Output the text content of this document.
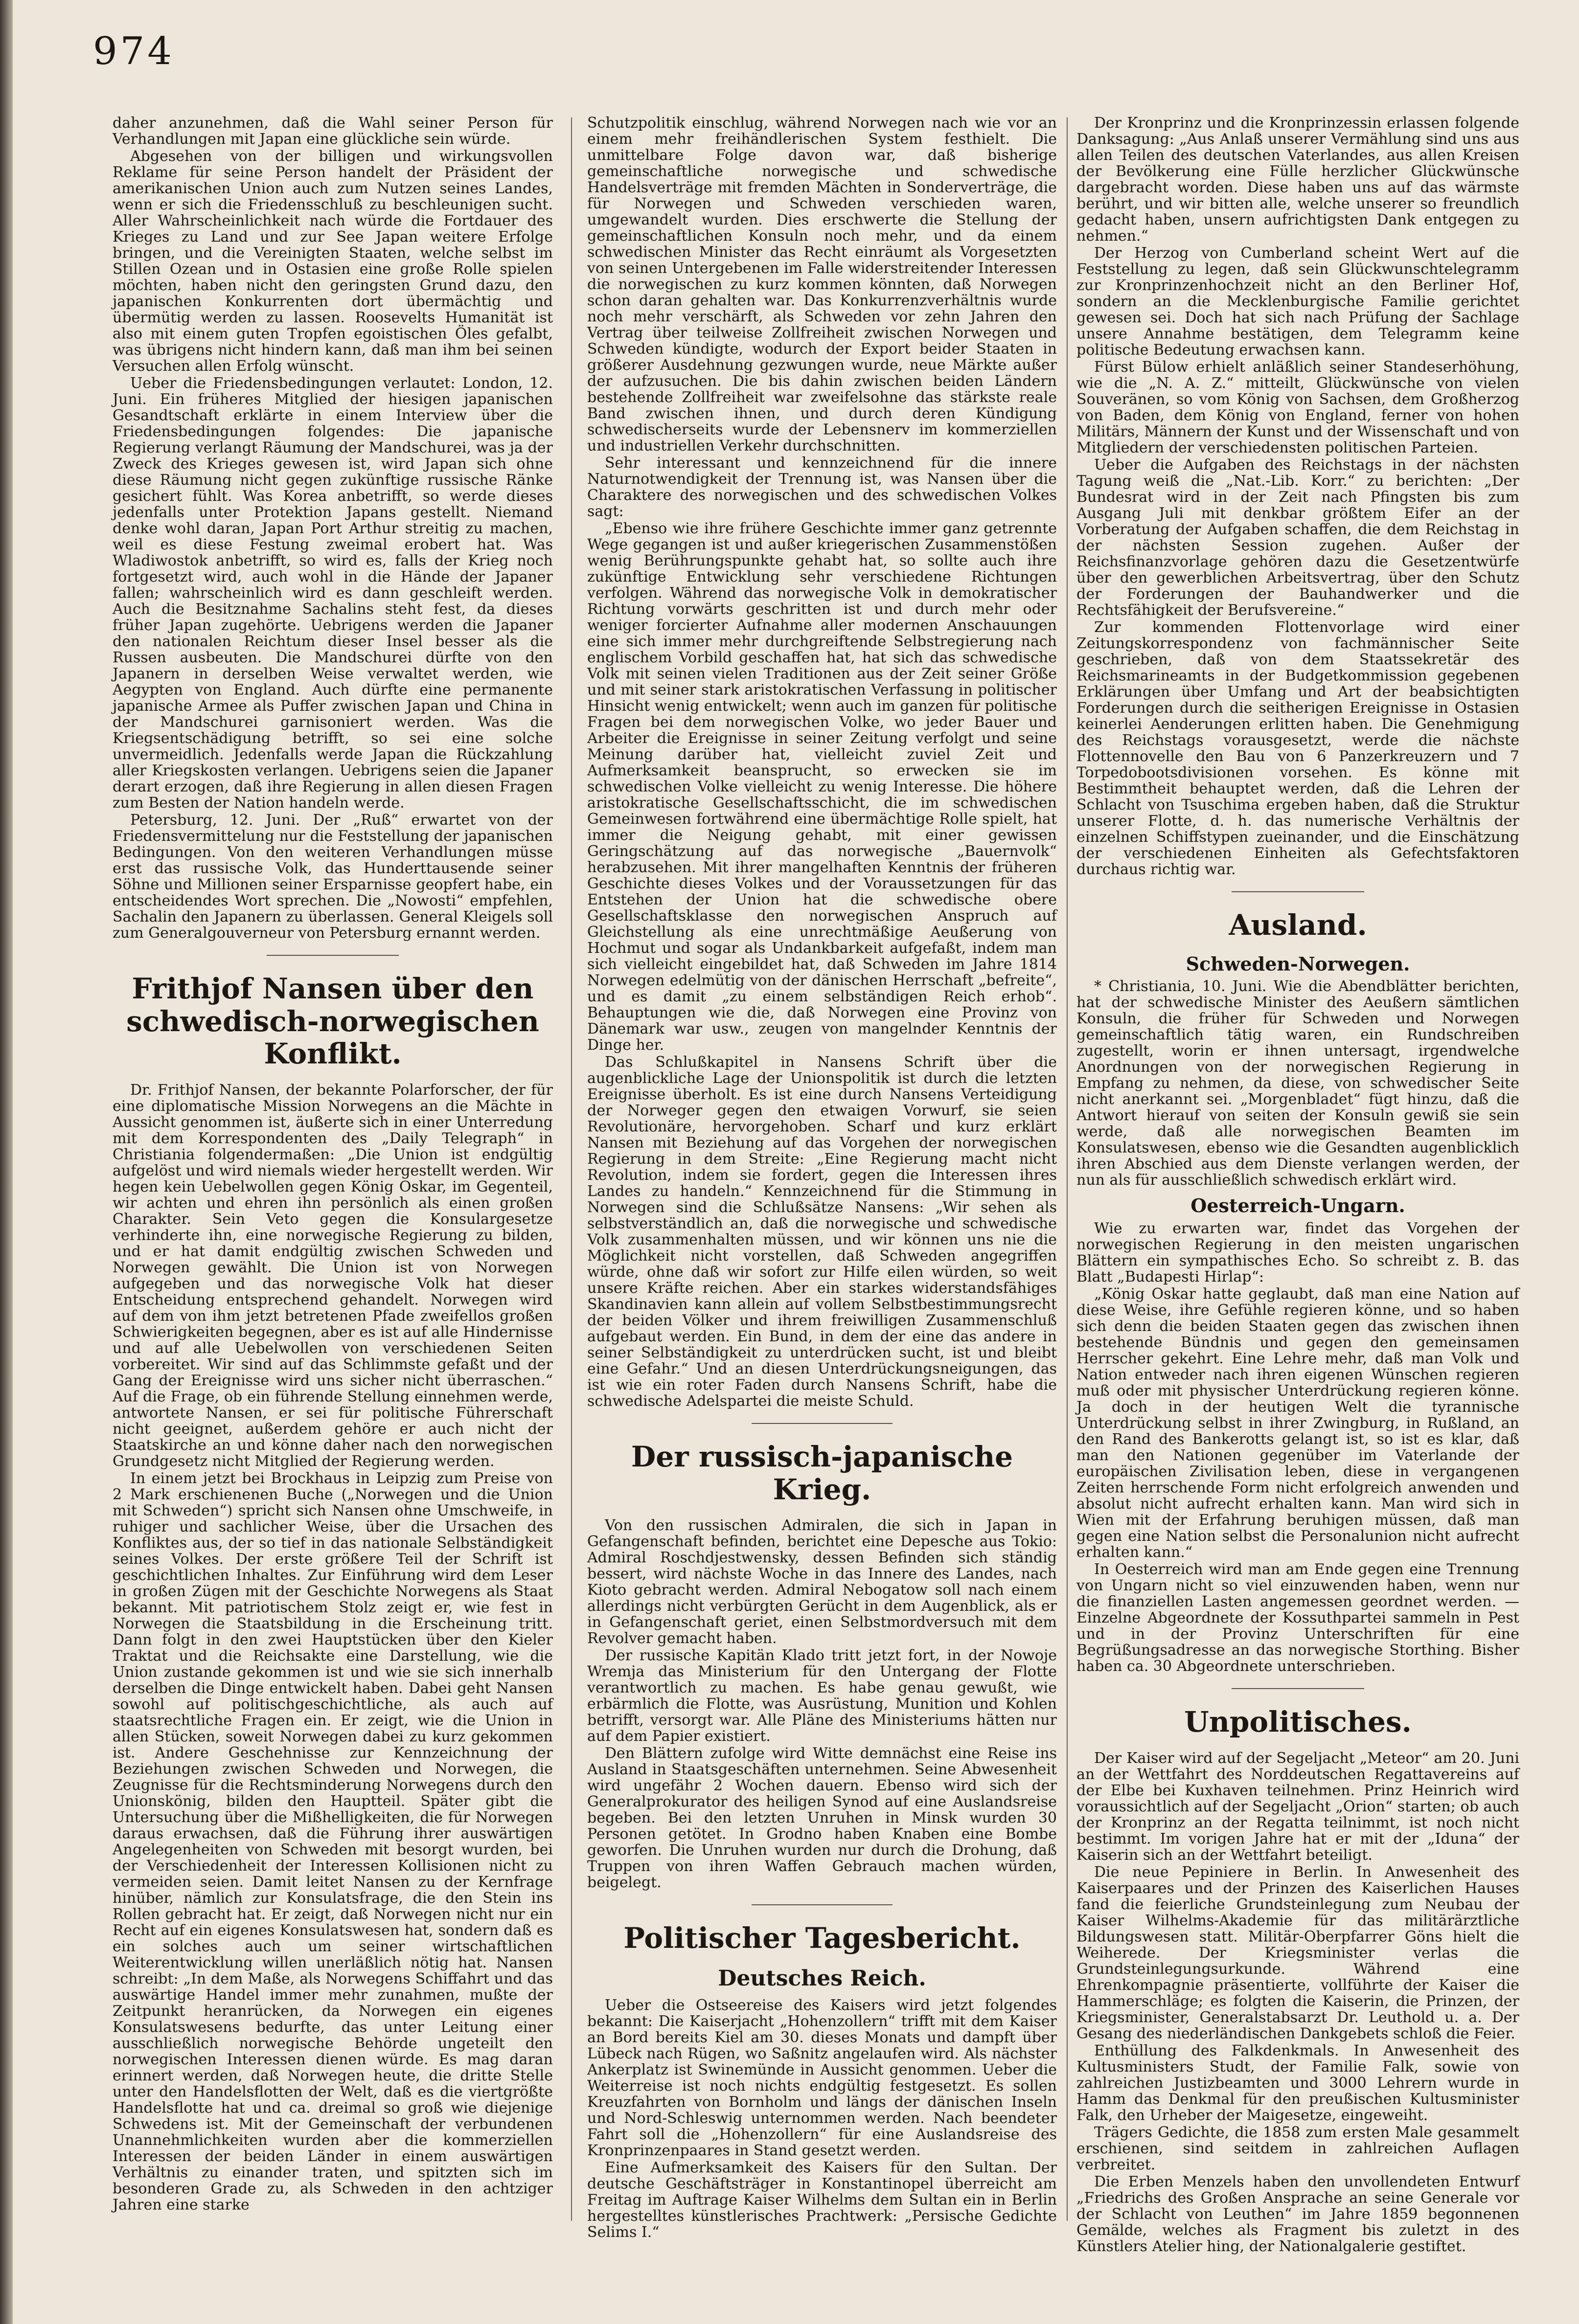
974

daher anzunehmen, daß die Wahl seiner Person für Verhandlungen mit Japan eine glückliche sein würde.

Abgesehen von der billigen und wirkungsvollen Reklame für seine Person handelt der Präsident der amerikanischen Union auch zum Nutzen seines Landes, wenn er sich die Friedensschluß zu beschleunigen sucht. Aller Wahrscheinlichkeit nach würde die Fortdauer des Krieges zu Land und zur See Japan weitere Erfolge bringen, und die Vereinigten Staaten, welche selbst im Stillen Ozean und in Ostasien eine große Rolle spielen möchten, haben nicht den geringsten Grund dazu, den japanischen Konkurrenten dort übermächtig und übermütig werden zu lassen. Roosevelts Humanität ist also mit einem guten Tropfen egoistischen Öles gefalbt, was übrigens nicht hindern kann, daß man ihm bei seinen Versuchen allen Erfolg wünscht.

Ueber die Friedensbedingungen verlautet: London, 12. Juni. Ein früheres Mitglied der hiesigen japanischen Gesandtschaft erklärte in einem Interview über die Friedensbedingungen folgendes: Die japanische Regierung verlangt Räumung der Mandschurei, was ja der Zweck des Krieges gewesen ist, wird Japan sich ohne diese Räumung nicht gegen zukünftige russische Ränke gesichert fühlt. Was Korea anbetrifft, so werde dieses jedenfalls unter Protektion Japans gestellt. Niemand denke wohl daran, Japan Port Arthur streitig zu machen, weil es diese Festung zweimal erobert hat. Was Wladiwostok anbetrifft, so wird es, falls der Krieg noch fortgesetzt wird, auch wohl in die Hände der Japaner fallen; wahrscheinlich wird es dann geschleift werden. Auch die Besitznahme Sachalins steht fest, da dieses früher Japan zugehörte. Uebrigens werden die Japaner den nationalen Reichtum dieser Insel besser als die Russen ausbeuten. Die Mandschurei dürfte von den Japanern in derselben Weise verwaltet werden, wie Aegypten von England. Auch dürfte eine permanente japanische Armee als Puffer zwischen Japan und China in der Mandschurei garnisoniert werden. Was die Kriegsentschädigung betrifft, so sei eine solche unvermeidlich. Jedenfalls werde Japan die Rückzahlung aller Kriegskosten verlangen. Uebrigens seien die Japaner derart erzogen, daß ihre Regierung in allen diesen Fragen zum Besten der Nation handeln werde.

Petersburg, 12. Juni. Der „Ruß“ erwartet von der Friedensvermittelung nur die Feststellung der japanischen Bedingungen. Von den weiteren Verhandlungen müsse erst das russische Volk, das Hunderttausende seiner Söhne und Millionen seiner Ersparnisse geopfert habe, ein entscheidendes Wort sprechen. Die „Nowosti“ empfehlen, Sachalin den Japanern zu überlassen. General Kleigels soll zum Generalgouverneur von Petersburg ernannt werden.

Frithjof Nansen über den schwedisch-norwegischen Konflikt.

Dr. Frithjof Nansen, der bekannte Polarforscher, der für eine diplomatische Mission Norwegens an die Mächte in Aussicht genommen ist, äußerte sich in einer Unterredung mit dem Korrespondenten des „Daily Telegraph“ in Christiania folgendermaßen: „Die Union ist endgültig aufgelöst und wird niemals wieder hergestellt werden. Wir hegen kein Uebelwollen gegen König Oskar, im Gegenteil, wir achten und ehren ihn persönlich als einen großen Charakter. Sein Veto gegen die Konsulargesetze verhinderte ihn, eine norwegische Regierung zu bilden, und er hat damit endgültig zwischen Schweden und Norwegen gewählt. Die Union ist von Norwegen aufgegeben und das norwegische Volk hat dieser Entscheidung entsprechend gehandelt. Norwegen wird auf dem von ihm jetzt betretenen Pfade zweifellos großen Schwierigkeiten begegnen, aber es ist auf alle Hindernisse und auf alle Uebelwollen von verschiedenen Seiten vorbereitet. Wir sind auf das Schlimmste gefaßt und der Gang der Ereignisse wird uns sicher nicht überraschen.“ Auf die Frage, ob ein führende Stellung einnehmen werde, antwortete Nansen, er sei für politische Führerschaft nicht geeignet, außerdem gehöre er auch nicht der Staatskirche an und könne daher nach den norwegischen Grundgesetz nicht Mitglied der Regierung werden.

In einem jetzt bei Brockhaus in Leipzig zum Preise von 2 Mark erschienenen Buche („Norwegen und die Union mit Schweden“) spricht sich Nansen ohne Umschweife, in ruhiger und sachlicher Weise, über die Ursachen des Konfliktes aus, der so tief in das nationale Selbständigkeit seines Volkes. Der erste größere Teil der Schrift ist geschichtlichen Inhaltes. Zur Einführung wird dem Leser in großen Zügen mit der Geschichte Norwegens als Staat bekannt. Mit patriotischem Stolz zeigt er, wie fest in Norwegen die Staatsbildung in die Erscheinung tritt. Dann folgt in den zwei Hauptstücken über den Kieler Traktat und die Reichsakte eine Darstellung, wie die Union zustande gekommen ist und wie sie sich innerhalb derselben die Dinge entwickelt haben. Dabei geht Nansen sowohl auf politischgeschichtliche, als auch auf staatsrechtliche Fragen ein. Er zeigt, wie die Union in allen Stücken, soweit Norwegen dabei zu kurz gekommen ist. Andere Geschehnisse zur Kennzeichnung der Beziehungen zwischen Schweden und Norwegen, die Zeugnisse für die Rechtsminderung Norwegens durch den Unionskönig, bilden den Hauptteil. Später gibt die Untersuchung über die Mißhelligkeiten, die für Norwegen daraus erwachsen, daß die Führung ihrer auswärtigen Angelegenheiten von Schweden mit besorgt wurden, bei der Verschiedenheit der Interessen Kollisionen nicht zu vermeiden seien. Damit leitet Nansen zu der Kernfrage hinüber, nämlich zur Konsulatsfrage, die den Stein ins Rollen gebracht hat. Er zeigt, daß Norwegen nicht nur ein Recht auf ein eigenes Konsulatswesen hat, sondern daß es ein solches auch um seiner wirtschaftlichen Weiterentwicklung willen unerläßlich nötig hat. Nansen schreibt: „In dem Maße, als Norwegens Schiffahrt und das auswärtige Handel immer mehr zunahmen, mußte der Zeitpunkt heranrücken, da Norwegen ein eigenes Konsulatswesens bedurfte, das unter Leitung einer ausschließlich norwegische Behörde ungeteilt den norwegischen Interessen dienen würde. Es mag daran erinnert werden, daß Norwegen heute, die dritte Stelle unter den Handelsflotten der Welt, daß es die viertgrößte Handelsflotte hat und ca. dreimal so groß wie diejenige Schwedens ist. Mit der Gemeinschaft der verbundenen Unannehmlichkeiten wurden aber die kommerziellen Interessen der beiden Länder in einem auswärtigen Verhältnis zu einander traten, und spitzten sich im besonderen Grade zu, als Schweden in den achtziger Jahren eine starke

Schutzpolitik einschlug, während Norwegen nach wie vor an einem mehr freihändlerischen System festhielt. Die unmittelbare Folge davon war, daß bisherige gemeinschaftliche norwegische und schwedische Handelsverträge mit fremden Mächten in Sonderverträge, die für Norwegen und Schweden verschieden waren, umgewandelt wurden. Dies erschwerte die Stellung der gemeinschaftlichen Konsuln noch mehr, und da einem schwedischen Minister das Recht einräumt als Vorgesetzten von seinen Untergebenen im Falle widerstreitender Interessen die norwegischen zu kurz kommen könnten, daß Norwegen schon daran gehalten war. Das Konkurrenzverhältnis wurde noch mehr verschärft, als Schweden vor zehn Jahren den Vertrag über teilweise Zollfreiheit zwischen Norwegen und Schweden kündigte, wodurch der Export beider Staaten in größerer Ausdehnung gezwungen wurde, neue Märkte außer der aufzusuchen. Die bis dahin zwischen beiden Ländern bestehende Zollfreiheit war zweifelsohne das stärkste reale Band zwischen ihnen, und durch deren Kündigung schwedischerseits wurde der Lebensnerv im kommerziellen und industriellen Verkehr durchschnitten.

Sehr interessant und kennzeichnend für die innere Naturnotwendigkeit der Trennung ist, was Nansen über die Charaktere des norwegischen und des schwedischen Volkes sagt:

„Ebenso wie ihre frühere Geschichte immer ganz getrennte Wege gegangen ist und außer kriegerischen Zusammenstößen wenig Berührungspunkte gehabt hat, so sollte auch ihre zukünftige Entwicklung sehr verschiedene Richtungen verfolgen. Während das norwegische Volk in demokratischer Richtung vorwärts geschritten ist und durch mehr oder weniger forcierter Aufnahme aller modernen Anschauungen eine sich immer mehr durchgreiftende Selbstregierung nach englischem Vorbild geschaffen hat, hat sich das schwedische Volk mit seinen vielen Traditionen aus der Zeit seiner Größe und mit seiner stark aristokratischen Verfassung in politischer Hinsicht wenig entwickelt; wenn auch im ganzen für politische Fragen bei dem norwegischen Volke, wo jeder Bauer und Arbeiter die Ereignisse in seiner Zeitung verfolgt und seine Meinung darüber hat, vielleicht zuviel Zeit und Aufmerksamkeit beansprucht, so erwecken sie im schwedischen Volke vielleicht zu wenig Interesse. Die höhere aristokratische Gesellschaftsschicht, die im schwedischen Gemeinwesen fortwährend eine übermächtige Rolle spielt, hat immer die Neigung gehabt, mit einer gewissen Geringschätzung auf das norwegische „Bauernvolk“ herabzusehen. Mit ihrer mangelhaften Kenntnis der früheren Geschichte dieses Volkes und der Voraussetzungen für das Entstehen der Union hat die schwedische obere Gesellschaftsklasse den norwegischen Anspruch auf Gleichstellung als eine unrechtmäßige Aeußerung von Hochmut und sogar als Undankbarkeit aufgefaßt, indem man sich vielleicht eingebildet hat, daß Schweden im Jahre 1814 Norwegen edelmütig von der dänischen Herrschaft „befreite“, und es damit „zu einem selbständigen Reich erhob“. Behauptungen wie die, daß Norwegen eine Provinz von Dänemark war usw., zeugen von mangelnder Kenntnis der Dinge her.

Das Schlußkapitel in Nansens Schrift über die augenblickliche Lage der Unionspolitik ist durch die letzten Ereignisse überholt. Es ist eine durch Nansens Verteidigung der Norweger gegen den etwaigen Vorwurf, sie seien Revolutionäre, hervorgehoben. Scharf und kurz erklärt Nansen mit Beziehung auf das Vorgehen der norwegischen Regierung in dem Streite: „Eine Regierung macht nicht Revolution, indem sie fordert, gegen die Interessen ihres Landes zu handeln.“ Kennzeichnend für die Stimmung in Norwegen sind die Schlußsätze Nansens: „Wir sehen als selbstverständlich an, daß die norwegische und schwedische Volk zusammenhalten müssen, und wir können uns nie die Möglichkeit nicht vorstellen, daß Schweden angegriffen würde, ohne daß wir sofort zur Hilfe eilen würden, so weit unsere Kräfte reichen. Aber ein starkes widerstandsfähiges Skandinavien kann allein auf vollem Selbstbestimmungsrecht der beiden Völker und ihrem freiwilligen Zusammenschluß aufgebaut werden. Ein Bund, in dem der eine das andere in seiner Selbständigkeit zu unterdrücken sucht, ist und bleibt eine Gefahr.“ Und an diesen Unterdrückungsneigungen, das ist wie ein roter Faden durch Nansens Schrift, habe die schwedische Adelspartei die meiste Schuld.

Der russisch-japanische Krieg.

Von den russischen Admiralen, die sich in Japan in Gefangenschaft befinden, berichtet eine Depesche aus Tokio: Admiral Roschdjestwensky, dessen Befinden sich ständig bessert, wird nächste Woche in das Innere des Landes, nach Kioto gebracht werden. Admiral Nebogatow soll nach einem allerdings nicht verbürgten Gerücht in dem Augenblick, als er in Gefangenschaft geriet, einen Selbstmordversuch mit dem Revolver gemacht haben.

Der russische Kapitän Klado tritt jetzt fort, in der Nowoje Wremja das Ministerium für den Untergang der Flotte verantwortlich zu machen. Es habe genau gewußt, wie erbärmlich die Flotte, was Ausrüstung, Munition und Kohlen betrifft, versorgt war. Alle Pläne des Ministeriums hätten nur auf dem Papier existiert.

Den Blättern zufolge wird Witte demnächst eine Reise ins Ausland in Staatsgeschäften unternehmen. Seine Abwesenheit wird ungefähr 2 Wochen dauern. Ebenso wird sich der Generalprokurator des heiligen Synod auf eine Auslandsreise begeben. Bei den letzten Unruhen in Minsk wurden 30 Personen getötet. In Grodno haben Knaben eine Bombe geworfen. Die Unruhen wurden nur durch die Drohung, daß Truppen von ihren Waffen Gebrauch machen würden, beigelegt.

Politischer Tagesbericht.
Deutsches Reich.

Ueber die Ostseereise des Kaisers wird jetzt folgendes bekannt: Die Kaiserjacht „Hohenzollern“ trifft mit dem Kaiser an Bord bereits Kiel am 30. dieses Monats und dampft über Lübeck nach Rügen, wo Saßnitz angelaufen wird. Als nächster Ankerplatz ist Swinemünde in Aussicht genommen. Ueber die Weiterreise ist noch nichts endgültig festgesetzt. Es sollen Kreuzfahrten von Bornholm und längs der dänischen Inseln und Nord-Schleswig unternommen werden. Nach beendeter Fahrt soll die „Hohenzollern“ für eine Auslandsreise des Kronprinzenpaares in Stand gesetzt werden.

Eine Aufmerksamkeit des Kaisers für den Sultan. Der deutsche Geschäftsträger in Konstantinopel überreicht am Freitag im Auftrage Kaiser Wilhelms dem Sultan ein in Berlin hergestelltes künstlerisches Prachtwerk: „Persische Gedichte Selims I.“

Der Kronprinz und die Kronprinzessin erlassen folgende Danksagung: „Aus Anlaß unserer Vermählung sind uns aus allen Teilen des deutschen Vaterlandes, aus allen Kreisen der Bevölkerung eine Fülle herzlicher Glückwünsche dargebracht worden. Diese haben uns auf das wärmste berührt, und wir bitten alle, welche unserer so freundlich gedacht haben, unsern aufrichtigsten Dank entgegen zu nehmen.“

Der Herzog von Cumberland scheint Wert auf die Feststellung zu legen, daß sein Glückwunschtelegramm zur Kronprinzenhochzeit nicht an den Berliner Hof, sondern an die Mecklenburgische Familie gerichtet gewesen sei. Doch hat sich nach Prüfung der Sachlage unsere Annahme bestätigen, dem Telegramm keine politische Bedeutung erwachsen kann.

Fürst Bülow erhielt anläßlich seiner Standeserhöhung, wie die „N. A. Z.“ mitteilt, Glückwünsche von vielen Souveränen, so vom König von Sachsen, dem Großherzog von Baden, dem König von England, ferner von hohen Militärs, Männern der Kunst und der Wissenschaft und von Mitgliedern der verschiedensten politischen Parteien.

Ueber die Aufgaben des Reichstags in der nächsten Tagung weiß die „Nat.-Lib. Korr.“ zu berichten: „Der Bundesrat wird in der Zeit nach Pfingsten bis zum Ausgang Juli mit denkbar größtem Eifer an der Vorberatung der Aufgaben schaffen, die dem Reichstag in der nächsten Session zugehen. Außer der Reichsfinanzvorlage gehören dazu die Gesetzentwürfe über den gewerblichen Arbeitsvertrag, über den Schutz der Forderungen der Bauhandwerker und die Rechtsfähigkeit der Berufsvereine.“

Zur kommenden Flottenvorlage wird einer Zeitungskorrespondenz von fachmännischer Seite geschrieben, daß von dem Staatssekretär des Reichsmarineamts in der Budgetkommission gegebenen Erklärungen über Umfang und Art der beabsichtigten Forderungen durch die seitherigen Ereignisse in Ostasien keinerlei Aenderungen erlitten haben. Die Genehmigung des Reichstags vorausgesetzt, werde die nächste Flottennovelle den Bau von 6 Panzerkreuzern und 7 Torpedobootsdivisionen vorsehen. Es könne mit Bestimmtheit behauptet werden, daß die Lehren der Schlacht von Tsuschima ergeben haben, daß die Struktur unserer Flotte, d. h. das numerische Verhältnis der einzelnen Schiffstypen zueinander, und die Einschätzung der verschiedenen Einheiten als Gefechtsfaktoren durchaus richtig war.

Ausland.
Schweden-Norwegen.

* Christiania, 10. Juni. Wie die Abendblätter berichten, hat der schwedische Minister des Aeußern sämtlichen Konsuln, die früher für Schweden und Norwegen gemeinschaftlich tätig waren, ein Rundschreiben zugestellt, worin er ihnen untersagt, irgendwelche Anordnungen von der norwegischen Regierung in Empfang zu nehmen, da diese, von schwedischer Seite nicht anerkannt sei. „Morgenbladet“ fügt hinzu, daß die Antwort hierauf von seiten der Konsuln gewiß sie sein werde, daß alle norwegischen Beamten im Konsulatswesen, ebenso wie die Gesandten augenblicklich ihren Abschied aus dem Dienste verlangen werden, der nun als für ausschließlich schwedisch erklärt wird.

Oesterreich-Ungarn.

Wie zu erwarten war, findet das Vorgehen der norwegischen Regierung in den meisten ungarischen Blättern ein sympathisches Echo. So schreibt z. B. das Blatt „Budapesti Hirlap“:

„König Oskar hatte geglaubt, daß man eine Nation auf diese Weise, ihre Gefühle regieren könne, und so haben sich denn die beiden Staaten gegen das zwischen ihnen bestehende Bündnis und gegen den gemeinsamen Herrscher gekehrt. Eine Lehre mehr, daß man Volk und Nation entweder nach ihren eigenen Wünschen regieren muß oder mit physischer Unterdrückung regieren könne. Ja doch in der heutigen Welt die tyrannische Unterdrückung selbst in ihrer Zwingburg, in Rußland, an den Rand des Bankerotts gelangt ist, so ist es klar, daß man den Nationen gegenüber im Vaterlande der europäischen Zivilisation leben, diese in vergangenen Zeiten herrschende Form nicht erfolgreich anwenden und absolut nicht aufrecht erhalten kann. Man wird sich in Wien mit der Erfahrung beruhigen müssen, daß man gegen eine Nation selbst die Personalunion nicht aufrecht erhalten kann.“

In Oesterreich wird man am Ende gegen eine Trennung von Ungarn nicht so viel einzuwenden haben, wenn nur die finanziellen Lasten angemessen geordnet werden. — Einzelne Abgeordnete der Kossuthpartei sammeln in Pest und in der Provinz Unterschriften für eine Begrüßungsadresse an das norwegische Storthing. Bisher haben ca. 30 Abgeordnete unterschrieben.

Unpolitisches.

Der Kaiser wird auf der Segeljacht „Meteor“ am 20. Juni an der Wettfahrt des Norddeutschen Regattavereins auf der Elbe bei Kuxhaven teilnehmen. Prinz Heinrich wird voraussichtlich auf der Segeljacht „Orion“ starten; ob auch der Kronprinz an der Regatta teilnimmt, ist noch nicht bestimmt. Im vorigen Jahre hat er mit der „Iduna“ der Kaiserin sich an der Wettfahrt beteiligt.

Die neue Pepiniere in Berlin. In Anwesenheit des Kaiserpaares und der Prinzen des Kaiserlichen Hauses fand die feierliche Grundsteinlegung zum Neubau der Kaiser Wilhelms-Akademie für das militärärztliche Bildungswesen statt. Militär-Oberpfarrer Göns hielt die Weiherede. Der Kriegsminister verlas die Grundsteinlegungsurkunde. Während eine Ehrenkompagnie präsentierte, vollführte der Kaiser die Hammerschläge; es folgten die Kaiserin, die Prinzen, der Kriegsminister, Generalstabsarzt Dr. Leuthold u. a. Der Gesang des niederländischen Dankgebets schloß die Feier.

Enthüllung des Falkdenkmals. In Anwesenheit des Kultusministers Studt, der Familie Falk, sowie von zahlreichen Justizbeamten und 3000 Lehrern wurde in Hamm das Denkmal für den preußischen Kultusminister Falk, den Urheber der Maigesetze, eingeweiht.

Trägers Gedichte, die 1858 zum ersten Male gesammelt erschienen, sind seitdem in zahlreichen Auflagen verbreitet.

Die Erben Menzels haben den unvollendeten Entwurf „Friedrichs des Großen Ansprache an seine Generale vor der Schlacht von Leuthen“ im Jahre 1859 begonnenen Gemälde, welches als Fragment bis zuletzt in des Künstlers Atelier hing, der Nationalgalerie gestiftet.
